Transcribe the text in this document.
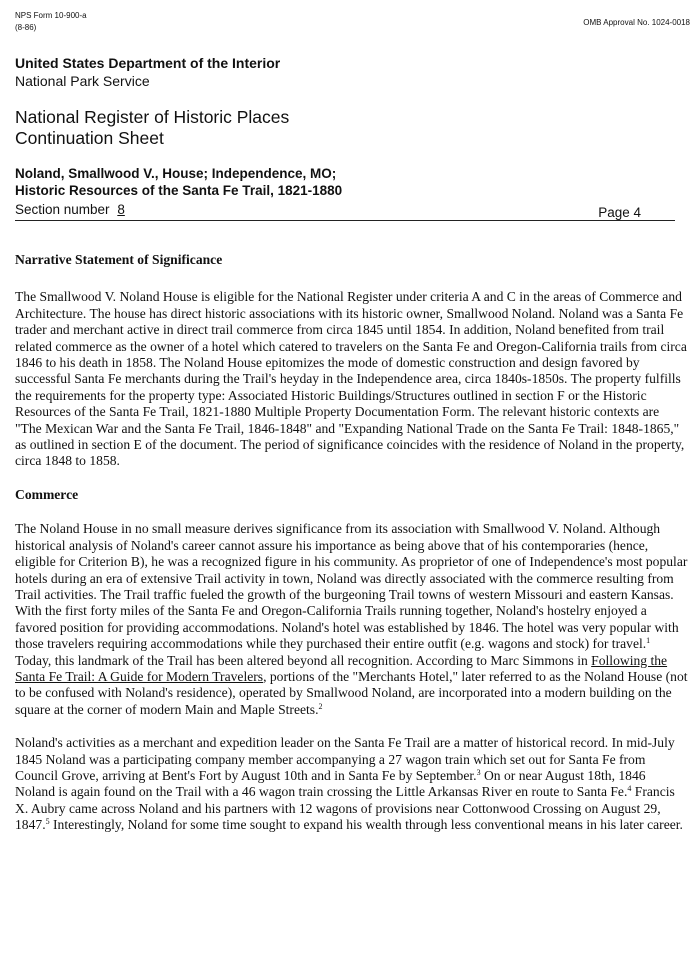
NPS Form 10-900-a
(8-86)
OMB Approval No. 1024-0018
United States Department of the Interior
National Park Service
National Register of Historic Places
Continuation Sheet
Noland, Smallwood V., House; Independence, MO;
Historic Resources of the Santa Fe Trail, 1821-1880
Section number 8	Page 4
Narrative Statement of Significance

The Smallwood V. Noland House is eligible for the National Register under criteria A and C in the areas of Commerce and Architecture. The house has direct historic associations with its historic owner, Smallwood Noland. Noland was a Santa Fe trader and merchant active in direct trail commerce from circa 1845 until 1854. In addition, Noland benefited from trail related commerce as the owner of a hotel which catered to travelers on the Santa Fe and Oregon-California trails from circa 1846 to his death in 1858. The Noland House epitomizes the mode of domestic construction and design favored by successful Santa Fe merchants during the Trail's heyday in the Independence area, circa 1840s-1850s. The property fulfills the requirements for the property type: Associated Historic Buildings/Structures outlined in section F or the Historic Resources of the Santa Fe Trail, 1821-1880 Multiple Property Documentation Form. The relevant historic contexts are "The Mexican War and the Santa Fe Trail, 1846-1848" and "Expanding National Trade on the Santa Fe Trail: 1848-1865," as outlined in section E of the document. The period of significance coincides with the residence of Noland in the property, circa 1848 to 1858.

Commerce

The Noland House in no small measure derives significance from its association with Smallwood V. Noland. Although historical analysis of Noland's career cannot assure his importance as being above that of his contemporaries (hence, eligible for Criterion B), he was a recognized figure in his community. As proprietor of one of Independence's most popular hotels during an era of extensive Trail activity in town, Noland was directly associated with the commerce resulting from Trail activities. The Trail traffic fueled the growth of the burgeoning Trail towns of western Missouri and eastern Kansas. With the first forty miles of the Santa Fe and Oregon-California Trails running together, Noland's hostelry enjoyed a favored position for providing accommodations. Noland's hotel was established by 1846. The hotel was very popular with those travelers requiring accommodations while they purchased their entire outfit (e.g. wagons and stock) for travel.$^1$ Today, this landmark of the Trail has been altered beyond all recognition. According to Marc Simmons in Following the Santa Fe Trail: A Guide for Modern Travelers, portions of the "Merchants Hotel," later referred to as the Noland House (not to be confused with Noland's residence), operated by Smallwood Noland, are incorporated into a modern building on the square at the corner of modern Main and Maple Streets.$^2$

Noland's activities as a merchant and expedition leader on the Santa Fe Trail are a matter of historical record. In mid-July 1845 Noland was a participating company member accompanying a 27 wagon train which set out for Santa Fe from Council Grove, arriving at Bent's Fort by August 10th and in Santa Fe by September.$^3$ On or near August 18th, 1846 Noland is again found on the Trail with a 46 wagon train crossing the Little Arkansas River en route to Santa Fe.$^4$ Francis X. Aubry came across Noland and his partners with 12 wagons of provisions near Cottonwood Crossing on August 29, 1847.$^5$ Interestingly, Noland for some time sought to expand his wealth through less conventional means in his later career.
